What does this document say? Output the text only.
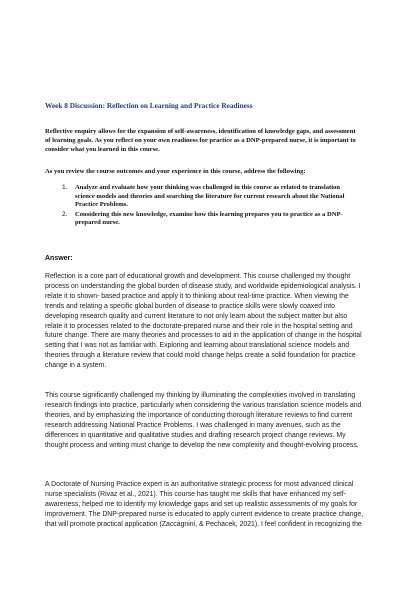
Week 8 Discussion: Reflection on Learning and Practice Readiness
Reflective enquiry allows for the expansion of self-awareness, identification of knowledge gaps, and assessment of learning goals. As you reflect on your own readiness for practice as a DNP-prepared nurse, it is important to consider what you learned in this course.
As you review the course outcomes and your experience in this course, address the following:
1. Analyze and evaluate how your thinking was challenged in this course as related to translation science models and theories and searching the literature for current research about the National Practice Problems.
2. Considering this new knowledge, examine how this learning prepares you to practice as a DNP-prepared nurse.
Answer:

Reflection is a core part of educational growth and development. This course challenged my thought process on understanding the global burden of disease study, and worldwide epidemiological analysis. I relate it to shown- based practice and apply it to thinking about real-time practice. When viewing the trends and relating a specific global burden of disease to practice skills were slowly coaxed into developing research quality and current literature to not only learn about the subject matter but also relate it to processes related to the doctorate-prepared nurse and their role in the hospital setting and future change. There are many theories and processes to aid in the application of change in the hospital setting that I was not as familiar with. Exploring and learning about translational science models and theories through a literature review that could mold change helps create a solid foundation for practice change in a system.

This course significantly challenged my thinking by illuminating the complexities involved in translating research findings into practice, particularly when considering the various translation science models and theories, and by emphasizing the importance of conducting thorough literature reviews to find current research addressing National Practice Problems. I was challenged in many avenues, such as the differences in quantitative and qualitative studies and drafting research project change reviews. My thought process and writing must change to develop the new complexity and thought-evolving process.

A Doctorate of Nursing Practice expert is an authoritative strategic process for most advanced clinical nurse specialists (Rivaz et al., 2021). This course has taught me skills that have enhanced my self-awareness, helped me to identify my knowledge gaps and set up realistic assessments of my goals for improvement. The DNP-prepared nurse is educated to apply current evidence to create practice change, that will promote practical application (Zaccagnini, & Pechacek, 2021). I feel confident in recognizing the
